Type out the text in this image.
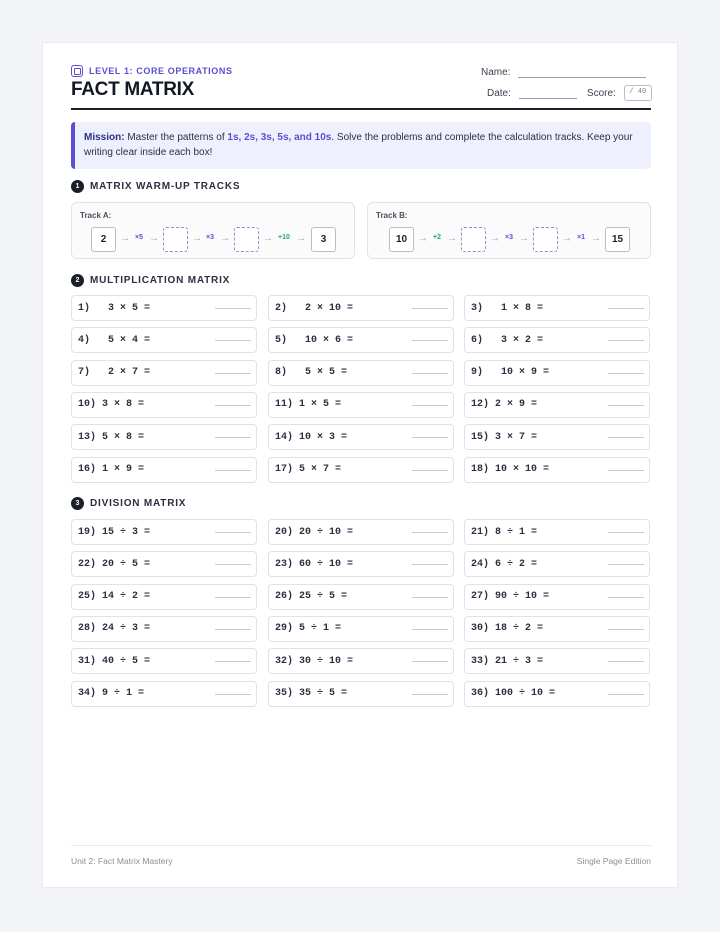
LEVEL 1: CORE OPERATIONS
FACT MATRIX
Name:
Date:	Score:	/ 40
Mission: Master the patterns of 1s, 2s, 3s, 5s, and 10s. Solve the problems and complete the calculation tracks. Keep your writing clear inside each box!
1	MATRIX WARM-UP TRACKS
Track A:
2	→ ×5 →	→ ×3 →	→ +10 →	3
Track B:
10	→ +2 →	→ ×3 →	→ ×1 →	15
2	MULTIPLICATION MATRIX
1)   3 × 5 =	2)   2 × 10 =	3)   1 × 8 =
4)   5 × 4 =	5)   10 × 6 =	6)   3 × 2 =
7)   2 × 7 =	8)   5 × 5 =	9)   10 × 9 =
10) 3 × 8 =	11) 1 × 5 =	12) 2 × 9 =
13) 5 × 8 =	14) 10 × 3 =	15) 3 × 7 =
16) 1 × 9 =	17) 5 × 7 =	18) 10 × 10 =
3	DIVISION MATRIX
19) 15 ÷ 3 =	20) 20 ÷ 10 =	21) 8 ÷ 1 =
22) 20 ÷ 5 =	23) 60 ÷ 10 =	24) 6 ÷ 2 =
25) 14 ÷ 2 =	26) 25 ÷ 5 =	27) 90 ÷ 10 =
28) 24 ÷ 3 =	29) 5 ÷ 1 =	30) 18 ÷ 2 =
31) 40 ÷ 5 =	32) 30 ÷ 10 =	33) 21 ÷ 3 =
34) 9 ÷ 1 =	35) 35 ÷ 5 =	36) 100 ÷ 10 =
Unit 2: Fact Matrix Mastery	Single Page Edition
